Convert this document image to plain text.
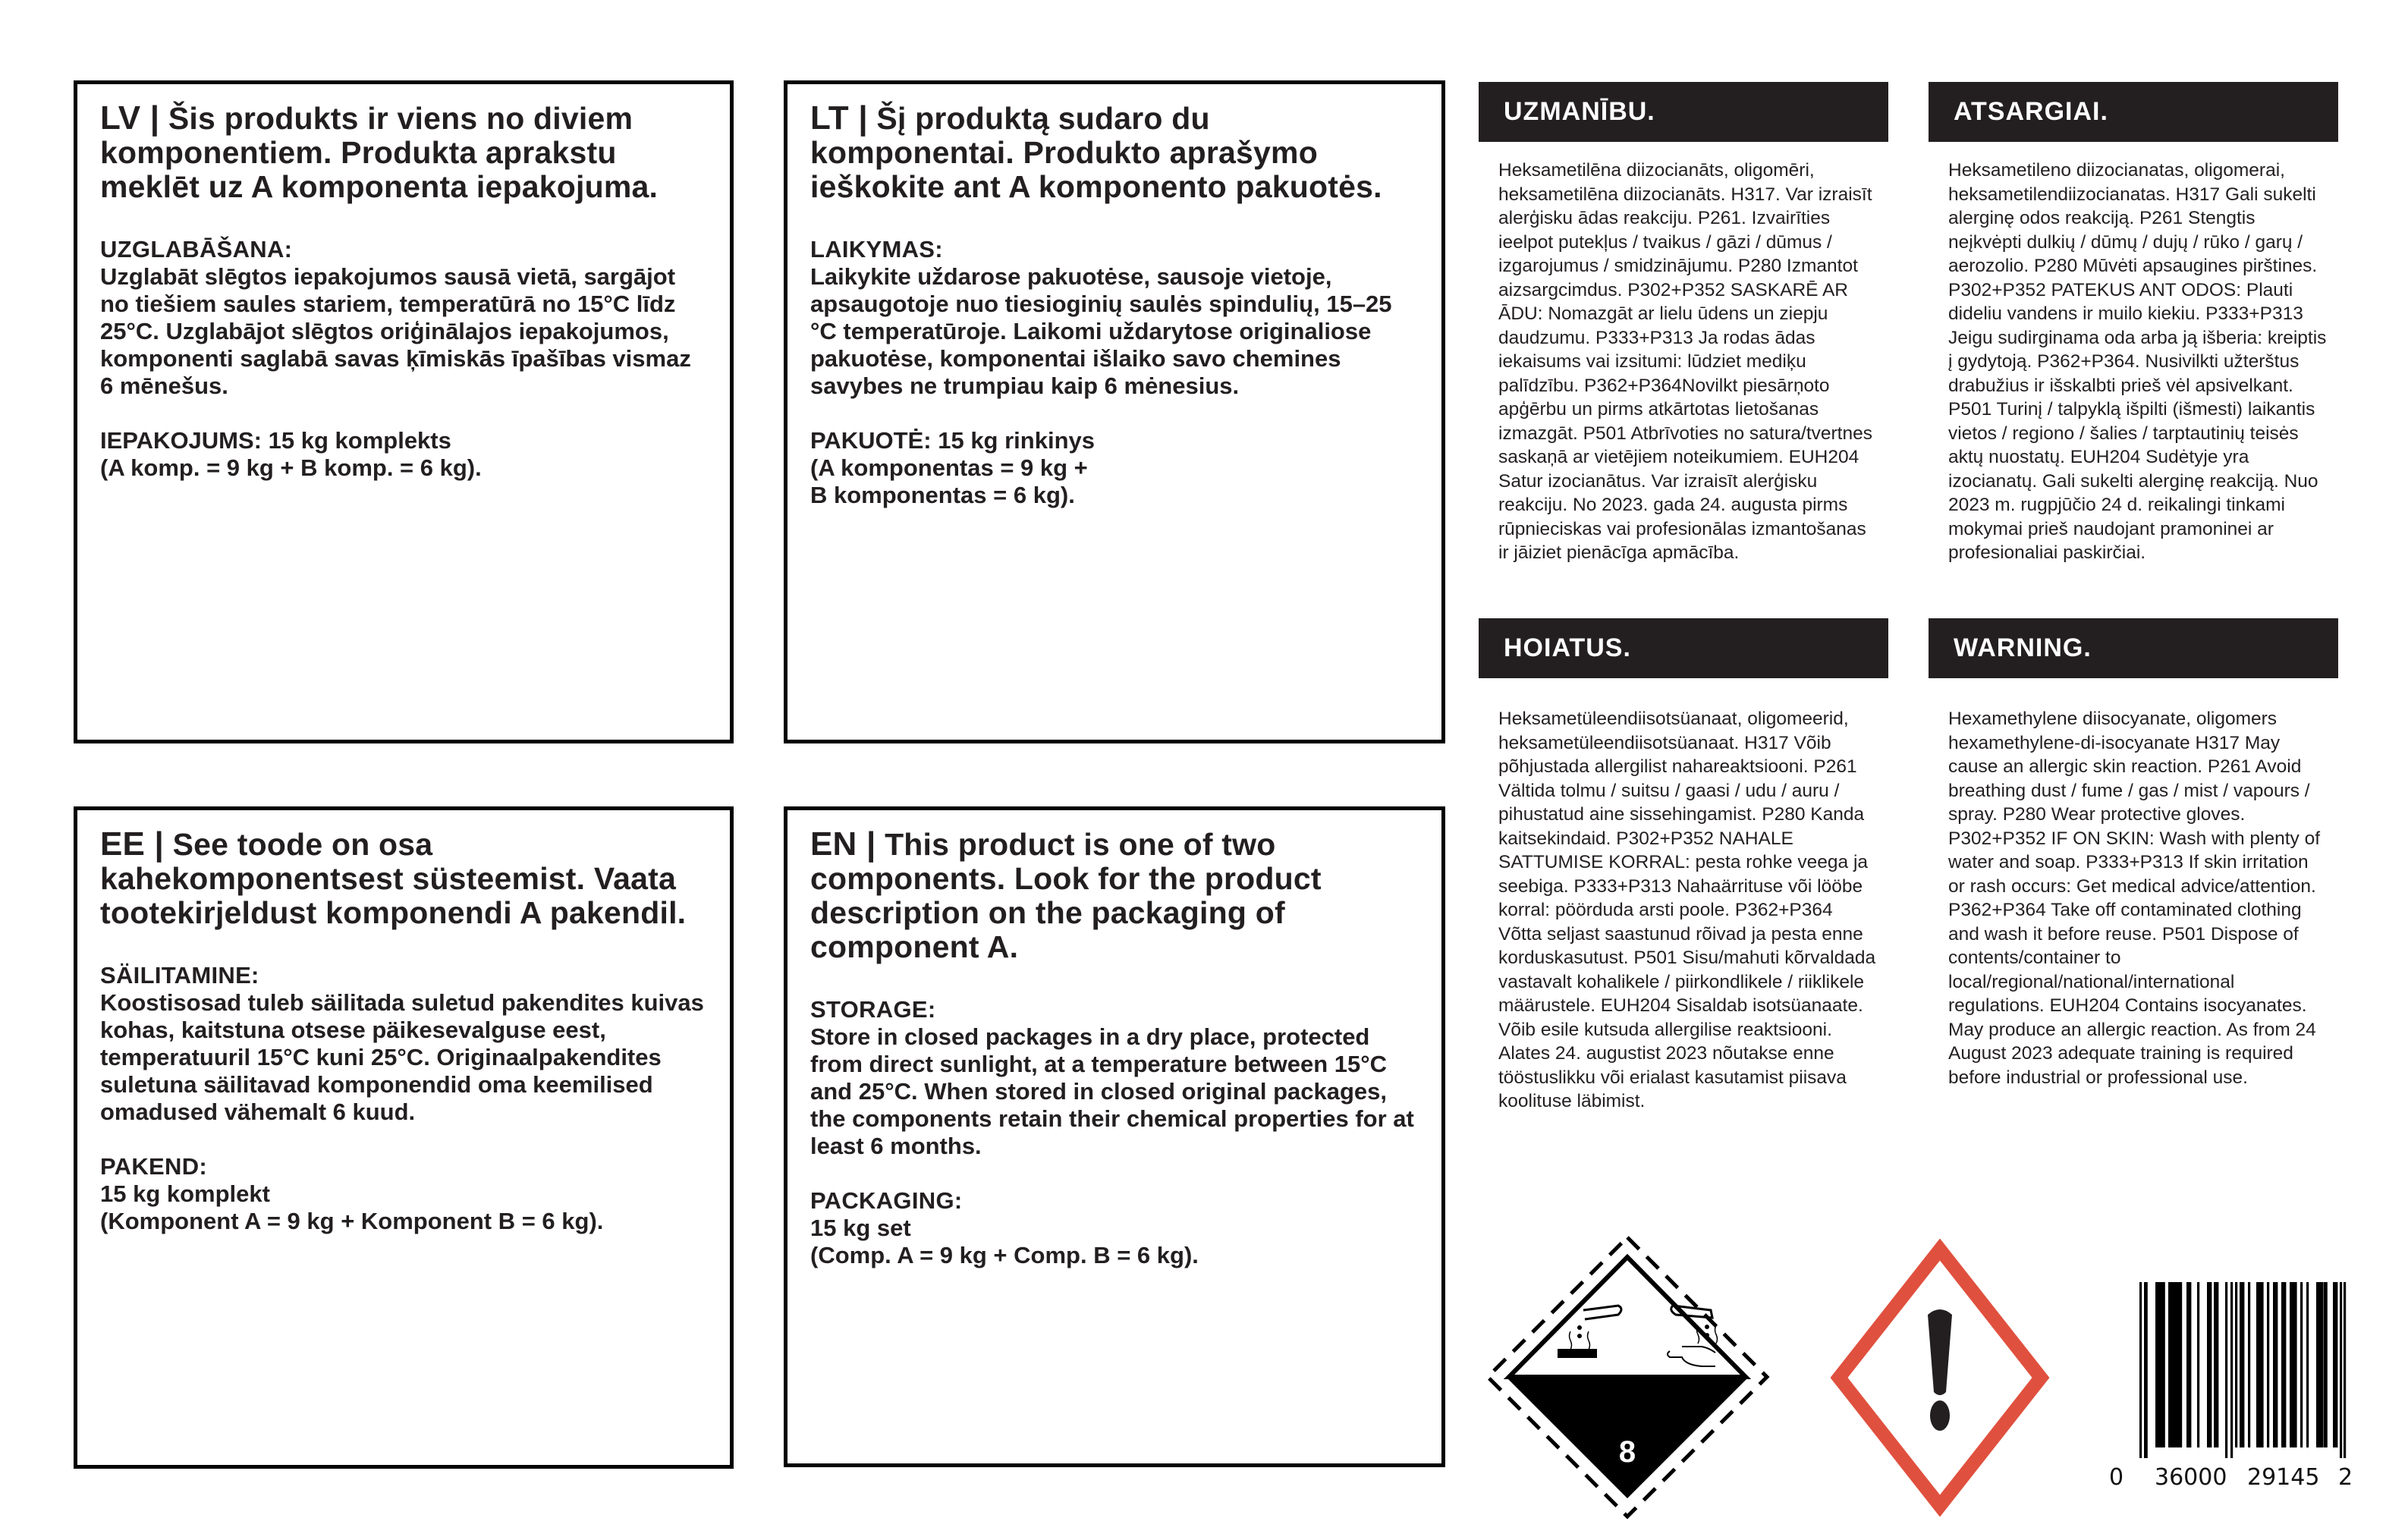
LV | Šis produkts ir viens no diviem komponentiem. Produkta aprakstu meklēt uz A komponenta iepakojuma.

UZGLABĀŠANA:

Uzglabāt slēgtos iepakojumos sausā vietā, sargājot no tiešiem saules stariem, temperatūrā no 15°C līdz 25°C. Uzglabājot slēgtos oriģinālajos iepakojumos, komponenti saglabā savas ķīmiskās īpašības vismaz 6 mēnešus.

IEPAKOJUMS: 15 kg komplekts

(A komp. = 9 kg + B komp. = 6 kg).

LT | Šį produktą sudaro du komponentai. Produkto aprašymo ieškokite ant A komponento pakuotės.

LAIKYMAS:

Laikykite uždarose pakuotėse, sausoje vietoje, apsaugotoje nuo tiesioginių saulės spindulių, 15–25 °C temperatūroje. Laikomi uždarytose originaliose pakuotėse, komponentai išlaiko savo chemines savybes ne trumpiau kaip 6 mėnesius.

PAKUOTĖ: 15 kg rinkinys

(A komponentas = 9 kg +

B komponentas = 6 kg).

EE | See toode on osa kahekomponentsest süsteemist. Vaata tootekirjeldust komponendi A pakendil.

SÄILITAMINE:

Koostisosad tuleb säilitada suletud pakendites kuivas kohas, kaitstuna otsese päikesevalguse eest, temperatuuril 15°C kuni 25°C. Originaalpakendites suletuna säilitavad komponendid oma keemilised omadused vähemalt 6 kuud.

PAKEND:

15 kg komplekt

(Komponent A = 9 kg + Komponent B = 6 kg).

EN | This product is one of two components. Look for the product description on the packaging of component A.

STORAGE:

Store in closed packages in a dry place, protected from direct sunlight, at a temperature between 15°C and 25°C. When stored in closed original packages, the components retain their chemical properties for at least 6 months.

PACKAGING:

15 kg set

(Comp. A = 9 kg + Comp. B = 6 kg).

UZMANĪBU.
Heksametilēna diizocianāts, oligomēri, heksametilēna diizocianāts. H317. Var izraisīt alerģisku ādas reakciju. P261. Izvairīties ieelpot putekļus / tvaikus / gāzi / dūmus / izgarojumus / smidzinājumu. P280 Izmantot aizsargcimdus. P302+P352 SASKARĒ AR ĀDU: Nomazgāt ar lielu ūdens un ziepju daudzumu. P333+P313 Ja rodas ādas iekaisums vai izsitumi: lūdziet mediķu palīdzību. P362+P364Novilkt piesārņoto apģērbu un pirms atkārtotas lietošanas izmazgāt. P501 Atbrīvoties no satura/tvertnes saskaņā ar vietējiem noteikumiem. EUH204 Satur izocianātus. Var izraisīt alerģisku reakciju. No 2023. gada 24. augusta pirms rūpnieciskas vai profesionālas izmantošanas ir jāiziet pienācīga apmācība.
ATSARGIAI.
Heksametileno diizocianatas, oligomerai, heksametilendiizocianatas. H317 Gali sukelti alerginę odos reakciją. P261 Stengtis neįkvėpti dulkių / dūmų / dujų / rūko / garų / aerozolio. P280 Mūvėti apsaugines pirštines. P302+P352 PATEKUS ANT ODOS: Plauti dideliu vandens ir muilo kiekiu. P333+P313 Jeigu sudirginama oda arba ją išberia: kreiptis į gydytoją. P362+P364. Nusivilkti užterštus drabužius ir išskalbti prieš vėl apsivelkant. P501 Turinį / talpyklą išpilti (išmesti) laikantis vietos / regiono / šalies / tarptautinių teisės aktų nuostatų. EUH204 Sudėtyje yra izocianatų. Gali sukelti alerginę reakciją. Nuo 2023 m. rugpjūčio 24 d. reikalingi tinkami mokymai prieš naudojant pramoninei ar profesionaliai paskirčiai.
HOIATUS.
Heksametüleendiisotsüanaat, oligomeerid, heksametüleendiisotsüanaat. H317 Võib põhjustada allergilist nahareaktsiooni. P261 Vältida tolmu / suitsu / gaasi / udu / auru / pihustatud aine sissehingamist. P280 Kanda kaitsekindaid. P302+P352 NAHALE SATTUMISE KORRAL: pesta rohke veega ja seebiga. P333+P313 Nahaärrituse või lööbe korral: pöörduda arsti poole. P362+P364 Võtta seljast saastunud rõivad ja pesta enne korduskasutust. P501 Sisu/mahuti kõrvaldada vastavalt kohalikele / piirkondlikele / riiklikele määrustele. EUH204 Sisaldab isotsüanaate. Võib esile kutsuda allergilise reaktsiooni. Alates 24. augustist 2023 nõutakse enne tööstuslikku või erialast kasutamist piisava koolituse läbimist.
WARNING.
Hexamethylene diisocyanate, oligomers hexamethylene-di-isocyanate H317 May cause an allergic skin reaction. P261 Avoid breathing dust / fume / gas / mist / vapours / spray. P280 Wear protective gloves. P302+P352 IF ON SKIN: Wash with plenty of water and soap. P333+P313 If skin irritation or rash occurs: Get medical advice/attention. P362+P364 Take off contaminated clothing and wash it before reuse. P501 Dispose of contents/container to local/regional/national/international regulations. EUH204 Contains isocyanates. May produce an allergic reaction. As from 24 August 2023 adequate training is required before industrial or professional use.
8
0 36000 29145 2
